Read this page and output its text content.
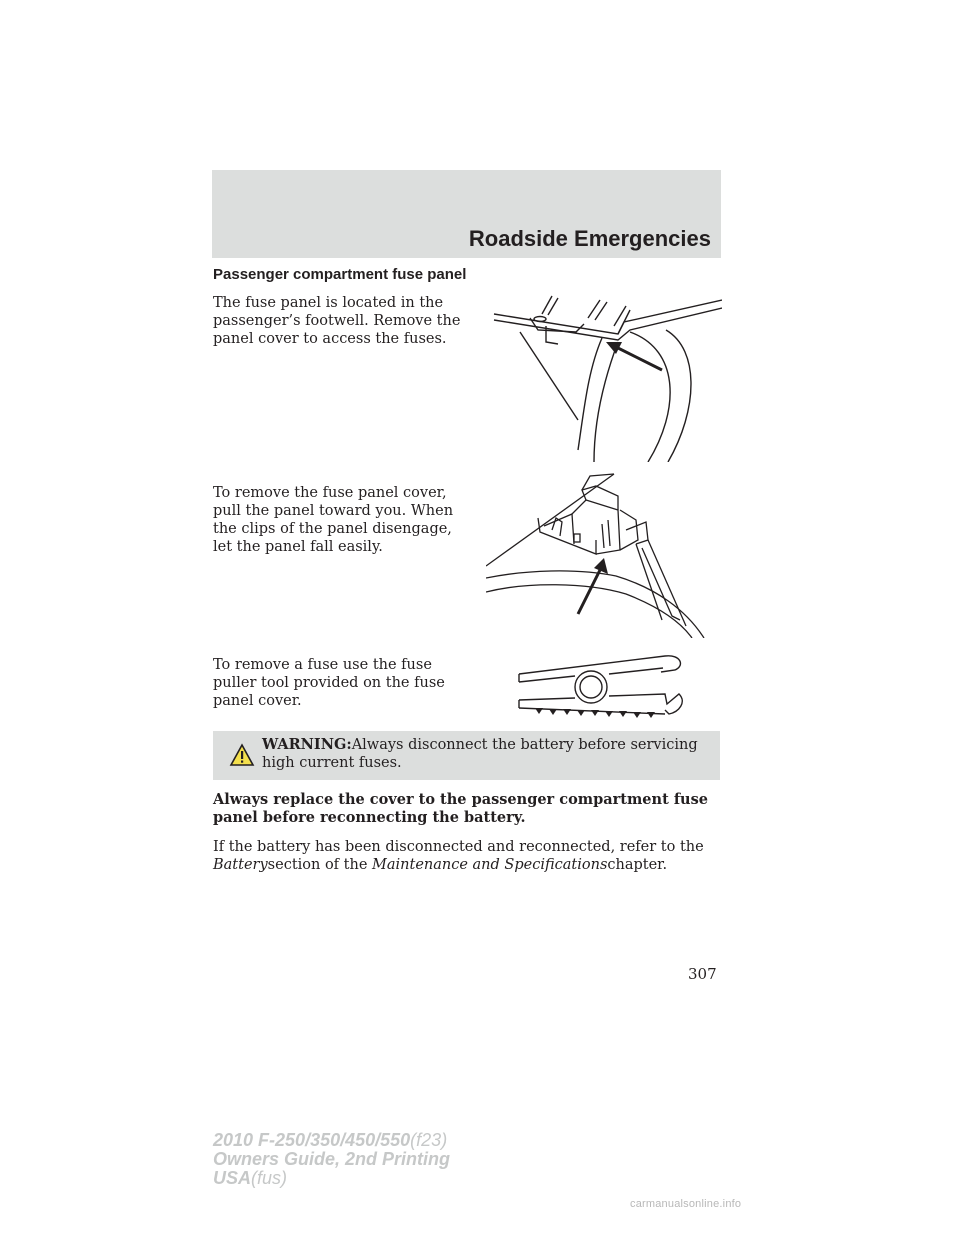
Roadside Emergencies
Passenger compartment fuse panel

The fuse panel is located in the passenger’s footwell. Remove the panel cover to access the fuses.

To remove the fuse panel cover, pull the panel toward you. When the clips of the panel disengage, let the panel fall easily.

To remove a fuse use the fuse puller tool provided on the fuse panel cover.

WARNING:Always disconnect the battery before servicing high current fuses.

Always replace the cover to the passenger compartment fuse panel before reconnecting the battery.

If the battery has been disconnected and reconnected, refer to the Batterysection of the Maintenance and Specificationschapter.

307
2010 F-250/350/450/550(f23)
Owners Guide, 2nd Printing
USA(fus)
carmanualsonline.info
